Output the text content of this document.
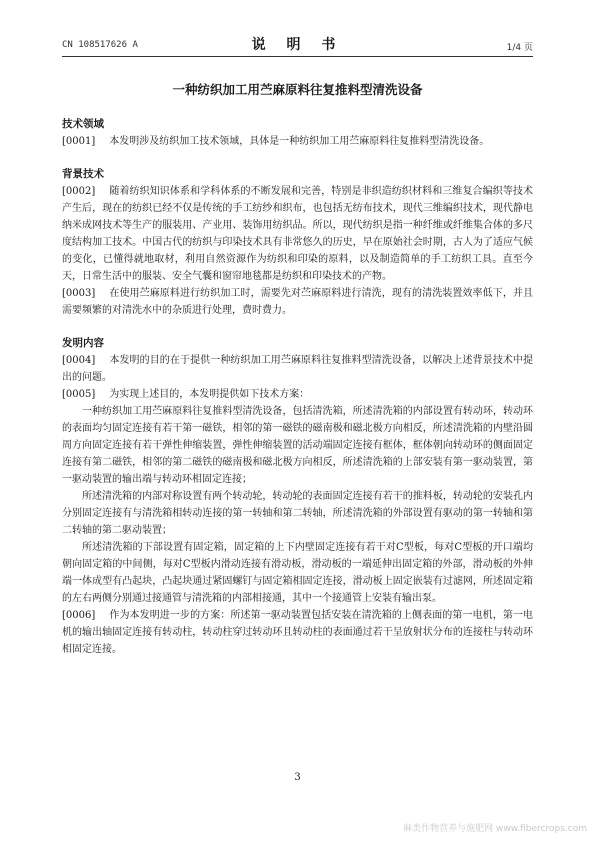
CN 108517626 A	说 明 书	1/4 页
一种纺织加工用苎麻原料往复推料型清洗设备
技术领域
[0001] 本发明涉及纺织加工技术领域，具体是一种纺织加工用苎麻原料往复推料型清洗设备。
背景技术
[0002] 随着纺织知识体系和学科体系的不断发展和完善，特别是非织造纺织材料和三维复合编织等技术产生后，现在的纺织已经不仅是传统的手工纺纱和织布，也包括无纺布技术，现代三维编织技术，现代静电纳米成网技术等生产的服装用、产业用、装饰用纺织品。所以，现代纺织是指一种纤维或纤维集合体的多尺度结构加工技术。中国古代的纺织与印染技术具有非常悠久的历史，早在原始社会时期，古人为了适应气候的变化，已懂得就地取材，利用自然资源作为纺织和印染的原料，以及制造简单的手工纺织工具。直至今天，日常生活中的服装、安全气囊和窗帘地毯都是纺织和印染技术的产物。
[0003] 在使用苎麻原料进行纺织加工时，需要先对苎麻原料进行清洗，现有的清洗装置效率低下，并且需要频繁的对清洗水中的杂质进行处理，费时费力。
发明内容
[0004] 本发明的目的在于提供一种纺织加工用苎麻原料往复推料型清洗设备，以解决上述背景技术中提出的问题。
[0005] 为实现上述目的，本发明提供如下技术方案：
一种纺织加工用苎麻原料往复推料型清洗设备，包括清洗箱，所述清洗箱的内部设置有转动环，转动环的表面均匀固定连接有若干第一磁铁，相邻的第一磁铁的磁南极和磁北极方向相反，所述清洗箱的内壁沿圆周方向固定连接有若干弹性伸缩装置，弹性伸缩装置的活动端固定连接有框体，框体朝向转动环的侧面固定连接有第二磁铁，相邻的第二磁铁的磁南极和磁北极方向相反，所述清洗箱的上部安装有第一驱动装置，第一驱动装置的输出端与转动环相固定连接；
所述清洗箱的内部对称设置有两个转动轮，转动轮的表面固定连接有若干的推料板，转动轮的安装孔内分别固定连接有与清洗箱相转动连接的第一转轴和第二转轴，所述清洗箱的外部设置有驱动的第一转轴和第二转轴的第二驱动装置；
所述清洗箱的下部设置有固定箱，固定箱的上下内壁固定连接有若干对C型板，每对C型板的开口端均朝向固定箱的中间侧，每对C型板内滑动连接有滑动板，滑动板的一端延伸出固定箱的外部，滑动板的外伸端一体成型有凸起块，凸起块通过紧固螺钉与固定箱相固定连接，滑动板上固定嵌装有过滤网，所述固定箱的左右两侧分别通过接通管与清洗箱的内部相接通，其中一个接通管上安装有输出泵。
[0006] 作为本发明进一步的方案：所述第一驱动装置包括安装在清洗箱的上侧表面的第一电机，第一电机的输出轴固定连接有转动柱，转动柱穿过转动环且转动柱的表面通过若干呈放射状分布的连接柱与转动环相固定连接。
3
麻类作物营养与施肥网 www.fibercrops.com
